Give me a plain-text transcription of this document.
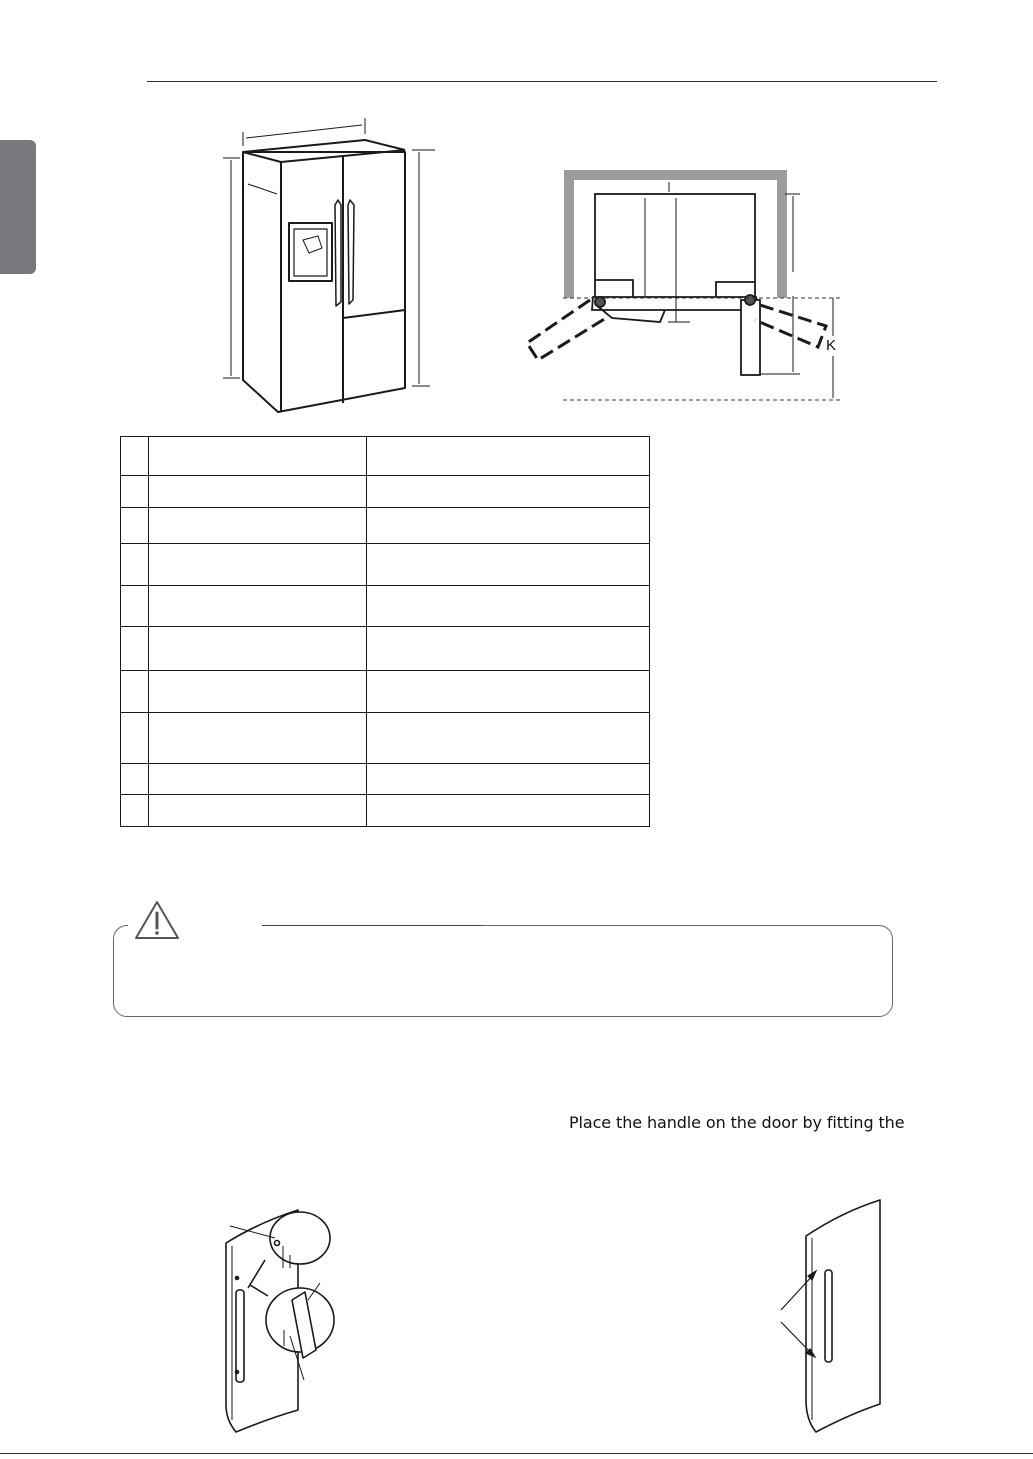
K

Place the handle on the door by fitting the
